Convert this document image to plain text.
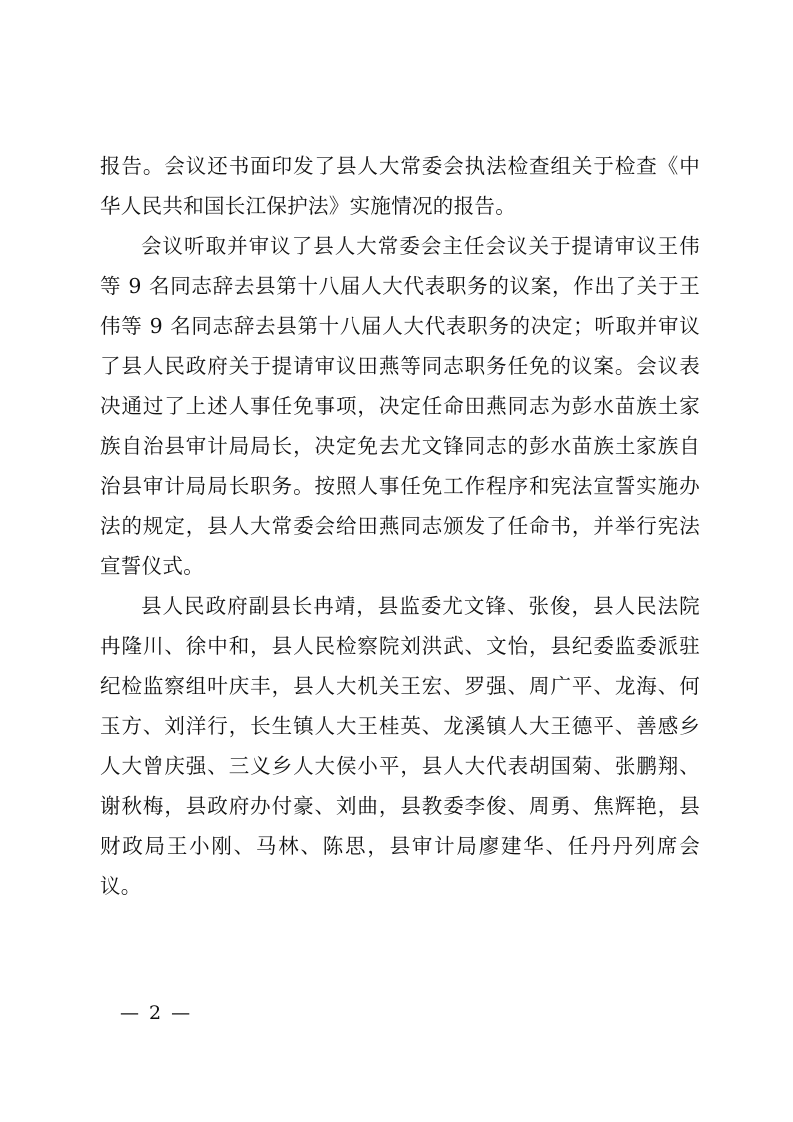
报告。会议还书面印发了县人大常委会执法检查组关于检查《中华人民共和国长江保护法》实施情况的报告。

会议听取并审议了县人大常委会主任会议关于提请审议王伟等 9 名同志辞去县第十八届人大代表职务的议案，作出了关于王伟等 9 名同志辞去县第十八届人大代表职务的决定；听取并审议了县人民政府关于提请审议田燕等同志职务任免的议案。会议表决通过了上述人事任免事项，决定任命田燕同志为彭水苗族土家族自治县审计局局长，决定免去尤文锋同志的彭水苗族土家族自治县审计局局长职务。按照人事任免工作程序和宪法宣誓实施办法的规定，县人大常委会给田燕同志颁发了任命书，并举行宪法宣誓仪式。

县人民政府副县长冉靖，县监委尤文锋、张俊，县人民法院冉隆川、徐中和，县人民检察院刘洪武、文怡，县纪委监委派驻纪检监察组叶庆丰，县人大机关王宏、罗强、周广平、龙海、何玉方、刘洋行，长生镇人大王桂英、龙溪镇人大王德平、善感乡人大曾庆强、三义乡人大侯小平，县人大代表胡国菊、张鹏翔、谢秋梅，县政府办付豪、刘曲，县教委李俊、周勇、焦辉艳，县财政局王小刚、马林、陈思，县审计局廖建华、任丹丹列席会议。

— 2 —
